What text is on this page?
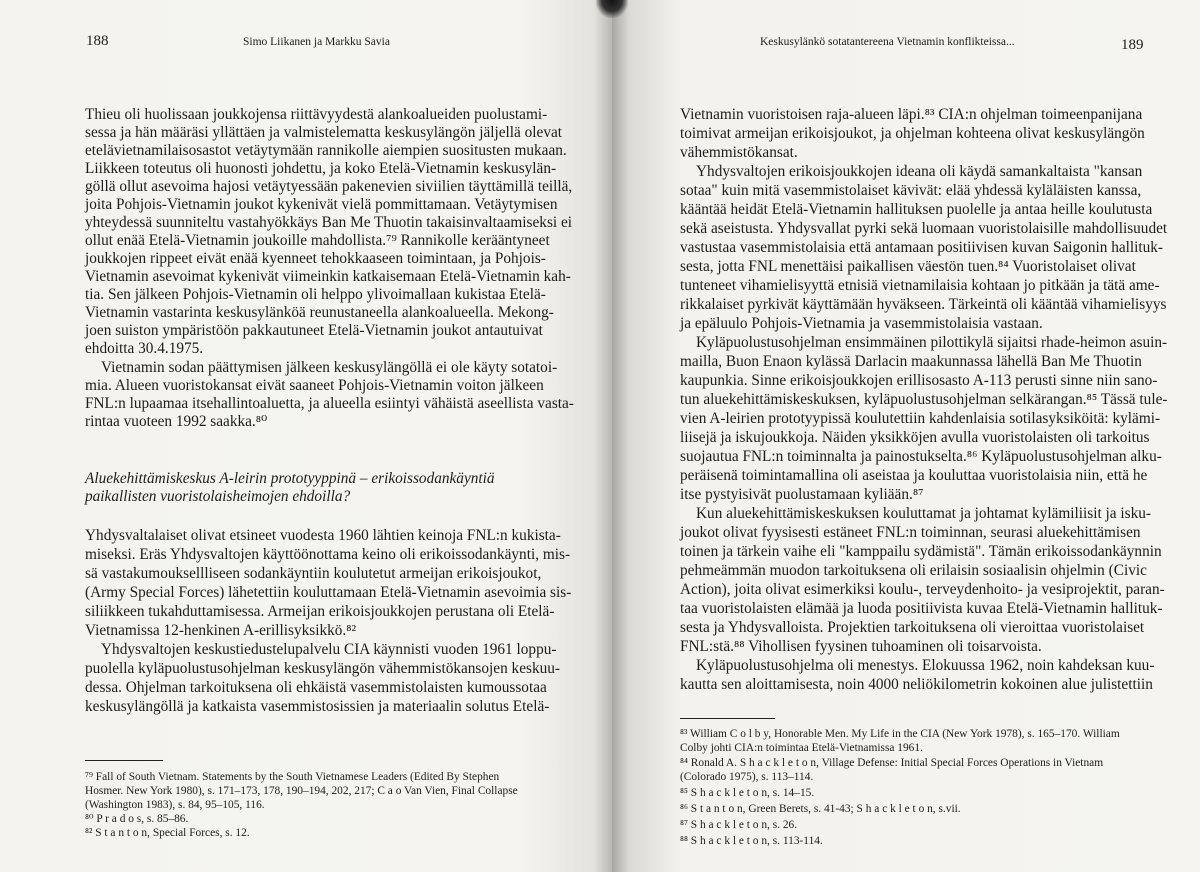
188	Simo Liikanen ja Markku Savia
Thieu oli huolissaan joukkojensa riittävyydestä alankoalueiden puolustami-
sessa ja hän määräsi yllättäen ja valmistelematta keskusylängön jäljellä olevat
etelävietnamilaisosastot vetäytymään rannikolle aiempien suositusten mukaan.
Liikkeen toteutus oli huonosti johdettu, ja koko Etelä-Vietnamin keskusylän-
göllä ollut asevoima hajosi vetäytyessään pakenevien siviilien täyttämillä teillä,
joita Pohjois-Vietnamin joukot kykenivät vielä pommittamaan. Vetäytymisen
yhteydessä suunniteltu vastahyökkäys Ban Me Thuotin takaisinvaltaamiseksi ei
ollut enää Etelä-Vietnamin joukoille mahdollista.⁷⁹ Rannikolle kerääntyneet
joukkojen rippeet eivät enää kyenneet tehokkaaseen toimintaan, ja Pohjois-
Vietnamin asevoimat kykenivät viimeinkin katkaisemaan Etelä-Vietnamin kah-
tia. Sen jälkeen Pohjois-Vietnamin oli helppo ylivoimallaan kukistaa Etelä-
Vietnamin vastarinta keskusylänköä reunustaneella alankoalueella. Mekong-
joen suiston ympäristöön pakkautuneet Etelä-Vietnamin joukot antautuivat
ehdoitta 30.4.1975.
Vietnamin sodan päättymisen jälkeen keskusylängöllä ei ole käyty sotatoi-
mia. Alueen vuoristokansat eivät saaneet Pohjois-Vietnamin voiton jälkeen
FNL:n lupaamaa itsehallintoaluetta, ja alueella esiintyi vähäistä aseellista vasta-
rintaa vuoteen 1992 saakka.⁸⁰
Aluekehittämiskeskus A-leirin prototyyppinä – erikoissodankäyntiä
paikallisten vuoristolaisheimojen ehdoilla?
Yhdysvaltalaiset olivat etsineet vuodesta 1960 lähtien keinoja FNL:n kukista-
miseksi. Eräs Yhdysvaltojen käyttöönottama keino oli erikoissodankäynti, mis-
sä vastakumouksellliseen sodankäyntiin koulutetut armeijan erikoisjoukot,
(Army Special Forces) lähetettiin kouluttamaan Etelä-Vietnamin asevoimia sis-
siliikkeen tukahduttamisessa. Armeijan erikoisjoukkojen perustana oli Etelä-
Vietnamissa 12-henkinen A-erillisyksikkö.⁸²
Yhdysvaltojen keskustiedustelupalvelu CIA käynnisti vuoden 1961 loppu-
puolella kyläpuolustusohjelman keskusylängön vähemmistökansojen keskuu-
dessa. Ohjelman tarkoituksena oli ehkäistä vasemmistolaisten kumoussotaa
keskusylängöllä ja katkaista vasemmistosissien ja materiaalin solutus Etelä-
⁷⁹ Fall of South Vietnam. Statements by the South Vietnamese Leaders (Edited By Stephen
Hosmer. New York 1980), s. 171–173, 178, 190–194, 202, 217; C a o Van Vien, Final Collapse
(Washington 1983), s. 84, 95–105, 116.
⁸⁰ P r a d o s, s. 85–86.
⁸² S t a n t o n, Special Forces, s. 12.
Keskusylänkö sotatantereena Vietnamin konflikteissa...	189
Vietnamin vuoristoisen raja-alueen läpi.⁸³ CIA:n ohjelman toimeenpanijana
toimivat armeijan erikoisjoukot, ja ohjelman kohteena olivat keskusylängön
vähemmistökansat.
Yhdysvaltojen erikoisjoukkojen ideana oli käydä samankaltaista "kansan
sotaa" kuin mitä vasemmistolaiset kävivät: elää yhdessä kyläläisten kanssa,
kääntää heidät Etelä-Vietnamin hallituksen puolelle ja antaa heille koulutusta
sekä aseistusta. Yhdysvallat pyrki sekä luomaan vuoristolaisille mahdollisuudet
vastustaa vasemmistolaisia että antamaan positiivisen kuvan Saigonin hallituk-
sesta, jotta FNL menettäisi paikallisen väestön tuen.⁸⁴ Vuoristolaiset olivat
tunteneet vihamielisyyttä etnisiä vietnamilaisia kohtaan jo pitkään ja tätä ame-
rikkalaiset pyrkivät käyttämään hyväkseen. Tärkeintä oli kääntää vihamielisyys
ja epäluulo Pohjois-Vietnamia ja vasemmistolaisia vastaan.
Kyläpuolustusohjelman ensimmäinen pilottikylä sijaitsi rhade-heimon asuin-
mailla, Buon Enaon kylässä Darlacin maakunnassa lähellä Ban Me Thuotin
kaupunkia. Sinne erikoisjoukkojen erillisosasto A-113 perusti sinne niin sano-
tun aluekehittämiskeskuksen, kyläpuolustusohjelman selkärangan.⁸⁵ Tässä tule-
vien A-leirien prototyypissä koulutettiin kahdenlaisia sotilasyksiköitä: kylämi-
liisejä ja iskujoukkoja. Näiden yksikköjen avulla vuoristolaisten oli tarkoitus
suojautua FNL:n toiminnalta ja painostukselta.⁸⁶ Kyläpuolustusohjelman alku-
peräisenä toimintamallina oli aseistaa ja kouluttaa vuoristolaisia niin, että he
itse pystyisivät puolustamaan kyliään.⁸⁷
Kun aluekehittämiskeskuksen kouluttamat ja johtamat kylämiliisit ja isku-
joukot olivat fyysisesti estäneet FNL:n toiminnan, seurasi aluekehittämisen
toinen ja tärkein vaihe eli "kamppailu sydämistä". Tämän erikoissodankäynnin
pehmeämmän muodon tarkoituksena oli erilaisin sosiaalisin ohjelmin (Civic
Action), joita olivat esimerkiksi koulu-, terveydenhoito- ja vesiprojektit, paran-
taa vuoristolaisten elämää ja luoda positiivista kuvaa Etelä-Vietnamin hallituk-
sesta ja Yhdysvalloista. Projektien tarkoituksena oli vieroittaa vuoristolaiset
FNL:stä.⁸⁸ Vihollisen fyysinen tuhoaminen oli toisarvoista.
Kyläpuolustusohjelma oli menestys. Elokuussa 1962, noin kahdeksan kuu-
kautta sen aloittamisesta, noin 4000 neliökilometrin kokoinen alue julistettiin
⁸³ William C o l b y, Honorable Men. My Life in the CIA (New York 1978), s. 165–170. William
Colby johti CIA:n toimintaa Etelä-Vietnamissa 1961.
⁸⁴ Ronald A. S h a c k l e t o n, Village Defense: Initial Special Forces Operations in Vietnam
(Colorado 1975), s. 113–114.
⁸⁵ S h a c k l e t o n, s. 14–15.
⁸⁶ S t a n t o n, Green Berets, s. 41-43; S h a c k l e t o n, s.vii.
⁸⁷ S h a c k l e t o n, s. 26.
⁸⁸ S h a c k l e t o n, s. 113-114.
